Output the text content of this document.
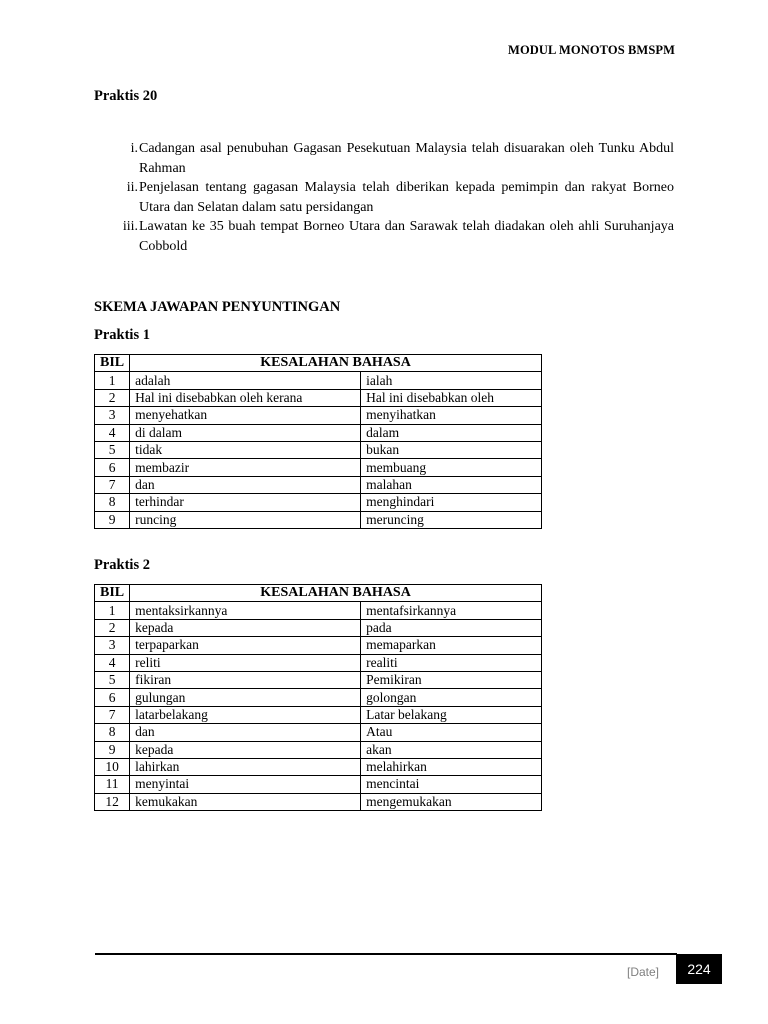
MODUL MONOTOS BMSPM
Praktis 20
i. Cadangan asal penubuhan Gagasan Pesekutuan Malaysia telah disuarakan oleh Tunku Abdul Rahman
ii. Penjelasan tentang gagasan Malaysia telah diberikan kepada pemimpin dan rakyat Borneo Utara dan Selatan dalam satu persidangan
iii. Lawatan ke 35 buah tempat Borneo Utara dan Sarawak telah diadakan oleh ahli Suruhanjaya Cobbold
SKEMA JAWAPAN PENYUNTINGAN
Praktis 1
BIL	KESALAHAN BAHASA	
1	adalah	ialah
2	Hal ini disebabkan oleh kerana	Hal ini disebabkan oleh
3	menyehatkan	menyihatkan
4	di dalam	dalam
5	tidak	bukan
6	membazir	membuang
7	dan	malahan
8	terhindar	menghindari
9	runcing	meruncing
Praktis 2
BIL	KESALAHAN BAHASA	
1	mentaksirkannya	mentafsirkannya
2	kepada	pada
3	terpaparkan	memaparkan
4	reliti	realiti
5	fikiran	Pemikiran
6	gulungan	golongan
7	latarbelakang	Latar belakang
8	dan	Atau
9	kepada	akan
10	lahirkan	melahirkan
11	menyintai	mencintai
12	kemukakan	mengemukakan
[Date] 224
